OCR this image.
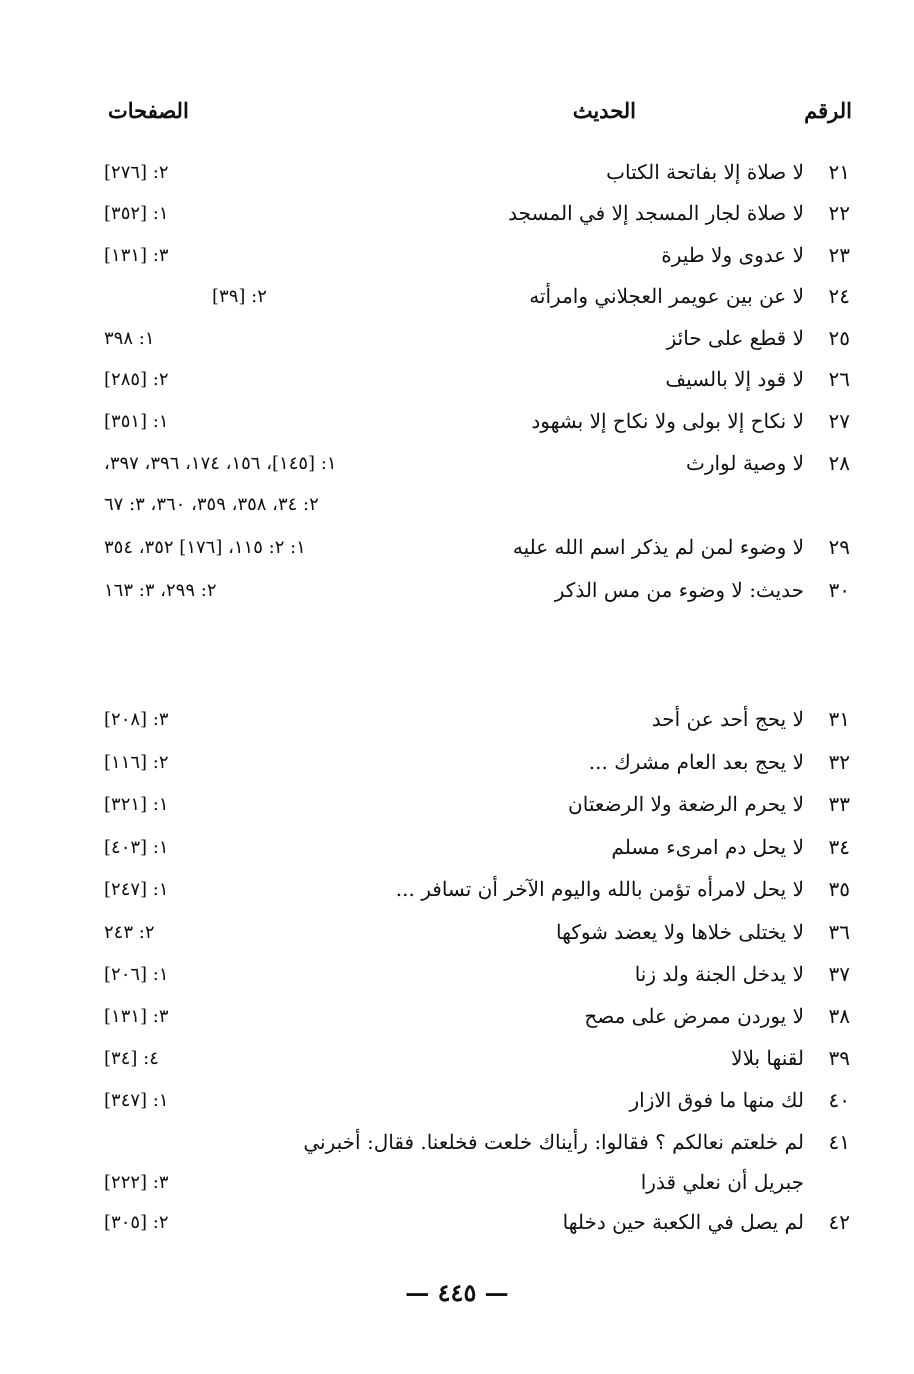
الرقم
الحديث
الصفحات
٢١
لا صلاة إلا بفاتحة الكتاب
٢: [٢٧٦]
٢٢
لا صلاة لجار المسجد إلا في المسجد
١: [٣٥٢]
٢٣
لا عدوى ولا طيرة
٣: [١٣١]
٢٤
لا عن بين عويمر العجلاني وامرأته
٢: [٣٩]
٢٥
لا قطع على حائز
١: ٣٩٨
٢٦
لا قود إلا بالسيف
٢: [٢٨٥]
٢٧
لا نكاح إلا بولى ولا نكاح إلا بشهود
١: [٣٥١]
٢٨
لا وصية لوارث
١: [١٤٥]، ١٥٦، ١٧٤، ٣٩٦، ٣٩٧،
٢: ٣٤، ٣٥٨، ٣٥٩، ٣٦٠، ٣: ٦٧
٢٩
لا وضوء لمن لم يذكر اسم الله عليه
١: ٢: ١١٥، [١٧٦] ٣٥٢، ٣٥٤
٣٠
حديث: لا وضوء من مس الذكر
٢: ٢٩٩، ٣: ١٦٣
٣١
لا يحج أحد عن أحد
٣: [٢٠٨]
٣٢
لا يحج بعد العام مشرك ...
٢: [١١٦]
٣٣
لا يحرم الرضعة ولا الرضعتان
١: [٣٢١]
٣٤
لا يحل دم امرىء مسلم
١: [٤٠٣]
٣٥
لا يحل لامرأه تؤمن بالله واليوم الآخر أن تسافر ...
١: [٢٤٧]
٣٦
لا يختلى خلاها ولا يعضد شوكها
٢: ٢٤٣
٣٧
لا يدخل الجنة ولد زنا
١: [٢٠٦]
٣٨
لا يوردن ممرض على مصح
٣: [١٣١]
٣٩
لقنها بلالا
٤: [٣٤]
٤٠
لك منها ما فوق الازار
١: [٣٤٧]
٤١
لم خلعتم نعالكم ؟ فقالوا: رأيناك خلعت فخلعنا. فقال: أخبرني
جبريل أن نعلي قذرا
٣: [٢٢٢]
٤٢
لم يصل في الكعبة حين دخلها
٢: [٣٠٥]
— ٤٤٥ —
